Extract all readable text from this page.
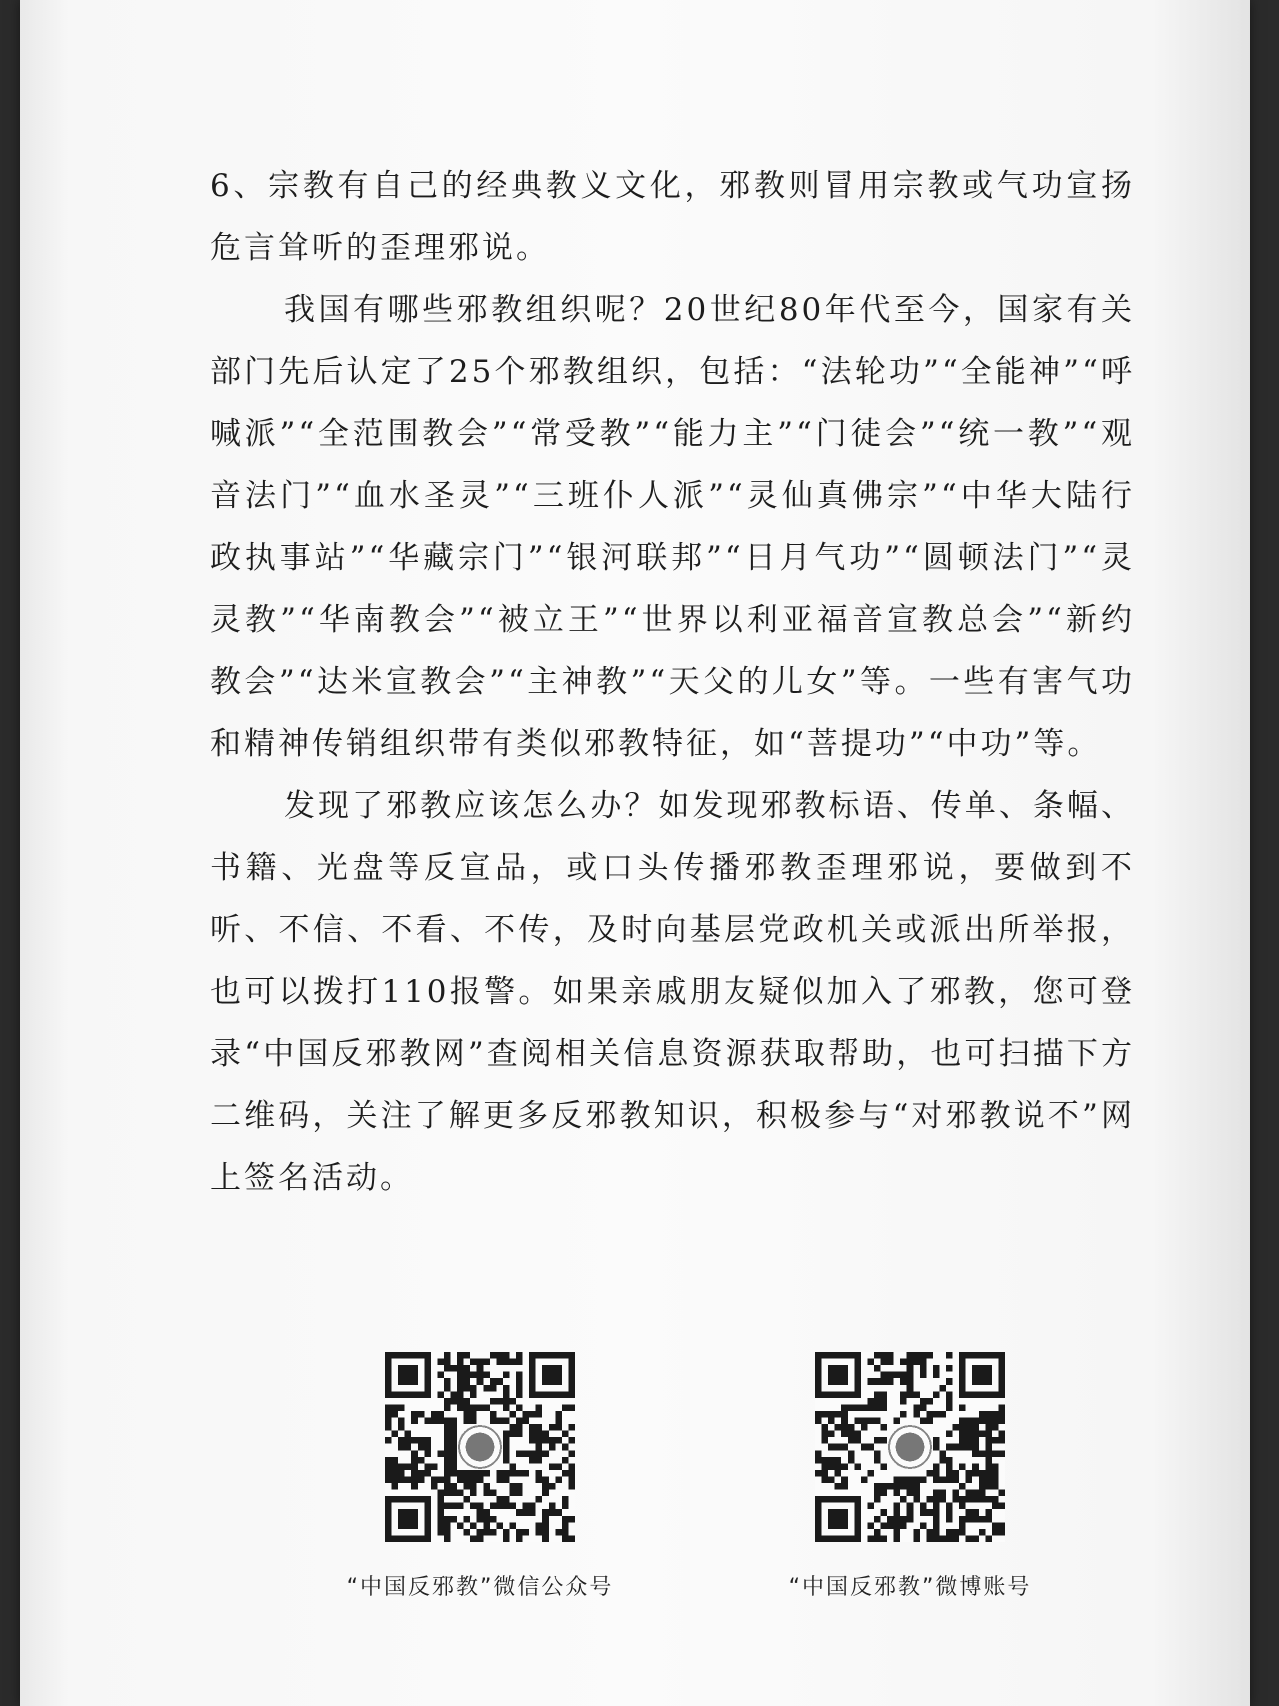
6、宗教有自己的经典教义文化，邪教则冒用宗教或气功宣扬危言耸听的歪理邪说。

我国有哪些邪教组织呢？20世纪80年代至今，国家有关部门先后认定了25个邪教组织，包括：“法轮功”“全能神”“呼喊派”“全范围教会”“常受教”“能力主”“门徒会”“统一教”“观音法门”“血水圣灵”“三班仆人派”“灵仙真佛宗”“中华大陆行政执事站”“华藏宗门”“银河联邦”“日月气功”“圆顿法门”“灵灵教”“华南教会”“被立王”“世界以利亚福音宣教总会”“新约教会”“达米宣教会”“主神教”“天父的儿女”等。一些有害气功和精神传销组织带有类似邪教特征，如“菩提功”“中功”等。

发现了邪教应该怎么办？如发现邪教标语、传单、条幅、书籍、光盘等反宣品，或口头传播邪教歪理邪说，要做到不听、不信、不看、不传，及时向基层党政机关或派出所举报，也可以拨打110报警。如果亲戚朋友疑似加入了邪教，您可登录“中国反邪教网”查阅相关信息资源获取帮助，也可扫描下方二维码，关注了解更多反邪教知识，积极参与“对邪教说不”网上签名活动。

“中国反邪教”微信公众号	“中国反邪教”微博账号
